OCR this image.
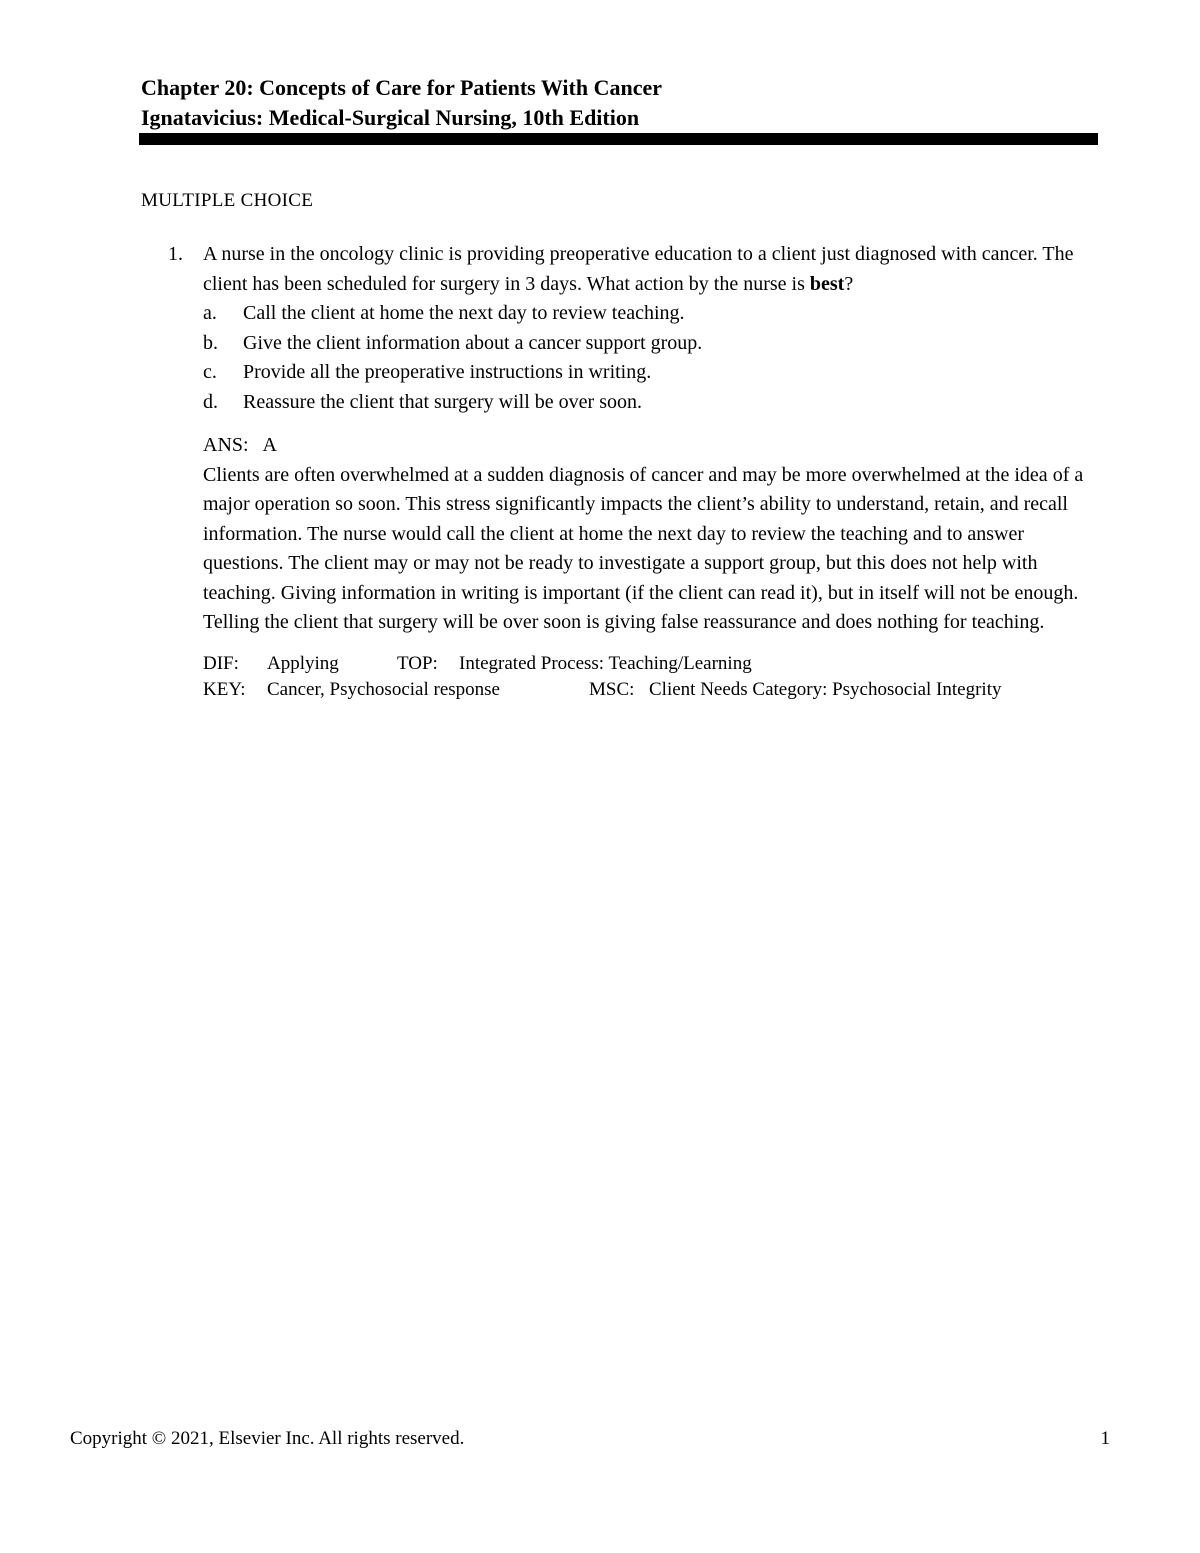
Chapter 20: Concepts of Care for Patients With Cancer
Ignatavicius: Medical-Surgical Nursing, 10th Edition
MULTIPLE CHOICE
1. A nurse in the oncology clinic is providing preoperative education to a client just diagnosed with cancer. The client has been scheduled for surgery in 3 days. What action by the nurse is best?
a. Call the client at home the next day to review teaching.
b. Give the client information about a cancer support group.
c. Provide all the preoperative instructions in writing.
d. Reassure the client that surgery will be over soon.
ANS: A
Clients are often overwhelmed at a sudden diagnosis of cancer and may be more overwhelmed at the idea of a major operation so soon. This stress significantly impacts the client’s ability to understand, retain, and recall information. The nurse would call the client at home the next day to review the teaching and to answer questions. The client may or may not be ready to investigate a support group, but this does not help with teaching. Giving information in writing is important (if the client can read it), but in itself will not be enough. Telling the client that surgery will be over soon is giving false reassurance and does nothing for teaching.
DIF: Applying	TOP: Integrated Process: Teaching/Learning
KEY: Cancer, Psychosocial response	MSC: Client Needs Category: Psychosocial Integrity
Copyright © 2021, Elsevier Inc. All rights reserved.	1
